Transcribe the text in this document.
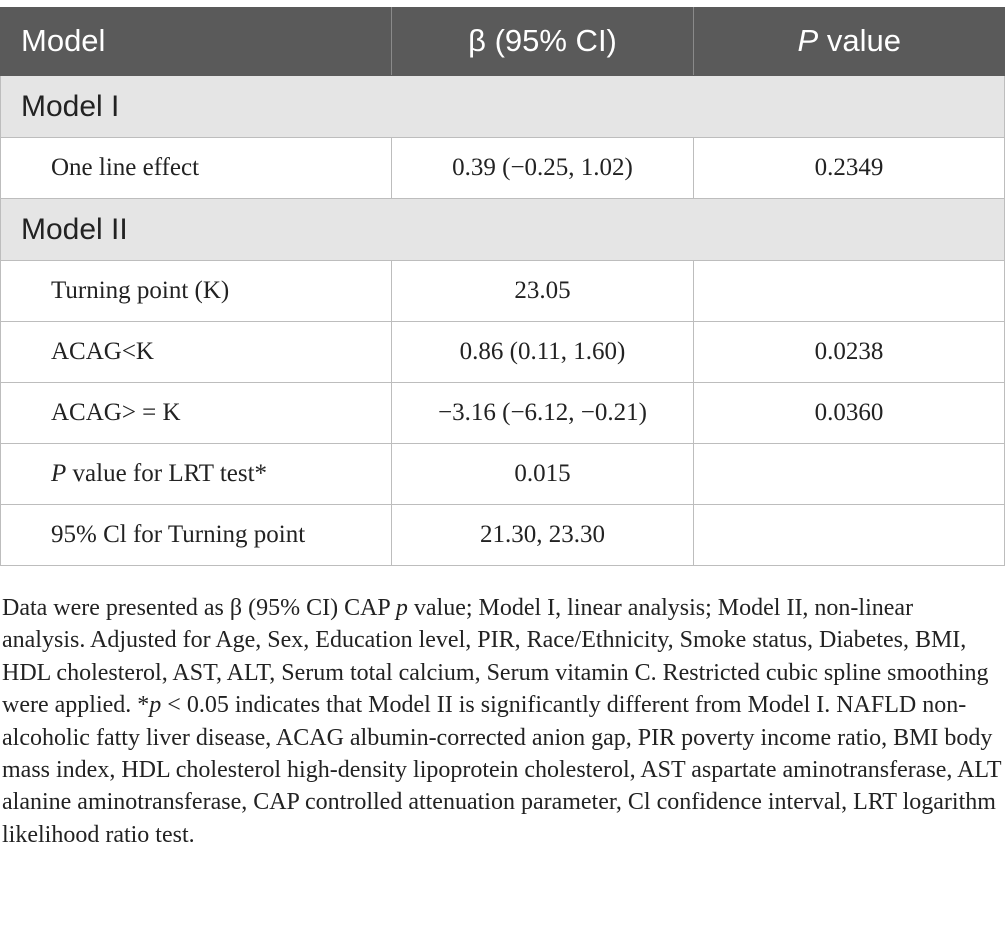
Model	β (95% CI)	P value
Model I		
One line effect	0.39 (−0.25, 1.02)	0.2349
Model II		
Turning point (K)	23.05	
ACAG<K	0.86 (0.11, 1.60)	0.0238
ACAG> = K	−3.16 (−6.12, −0.21)	0.0360
P value for LRT test*	0.015	
95% Cl for Turning point	21.30, 23.30	

Data were presented as β (95% CI) CAP p value; Model I, linear analysis; Model II, non-linear analysis. Adjusted for Age, Sex, Education level, PIR, Race/Ethnicity, Smoke status, Diabetes, BMI, HDL cholesterol, AST, ALT, Serum total calcium, Serum vitamin C. Restricted cubic spline smoothing were applied. *p < 0.05 indicates that Model II is significantly different from Model I. NAFLD non-alcoholic fatty liver disease, ACAG albumin-corrected anion gap, PIR poverty income ratio, BMI body mass index, HDL cholesterol high-density lipoprotein cholesterol, AST aspartate aminotransferase, ALT alanine aminotransferase, CAP controlled attenuation parameter, Cl confidence interval, LRT logarithm likelihood ratio test.
